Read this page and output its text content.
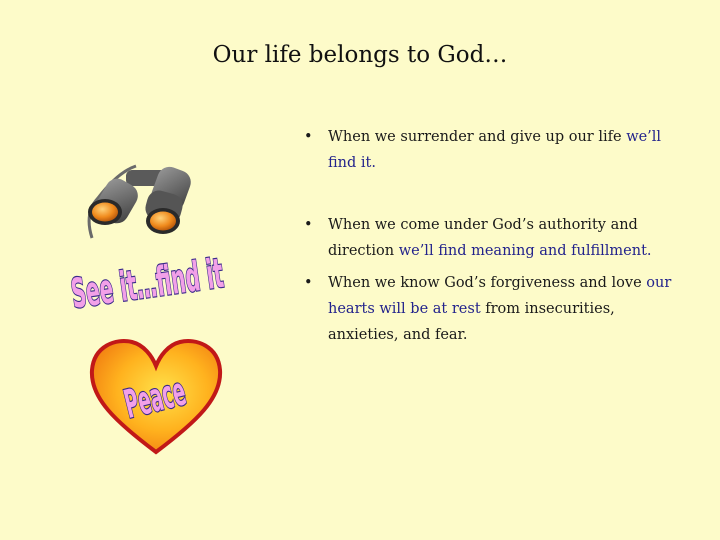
Our life belongs to God…
• When we surrender and give up our life we’ll find it.
• When we come under God’s authority and direction we’ll find meaning and fulfillment.
• When we know God’s forgiveness and love our hearts will be at rest from insecurities, anxieties, and fear.
See it…find it
Peace
